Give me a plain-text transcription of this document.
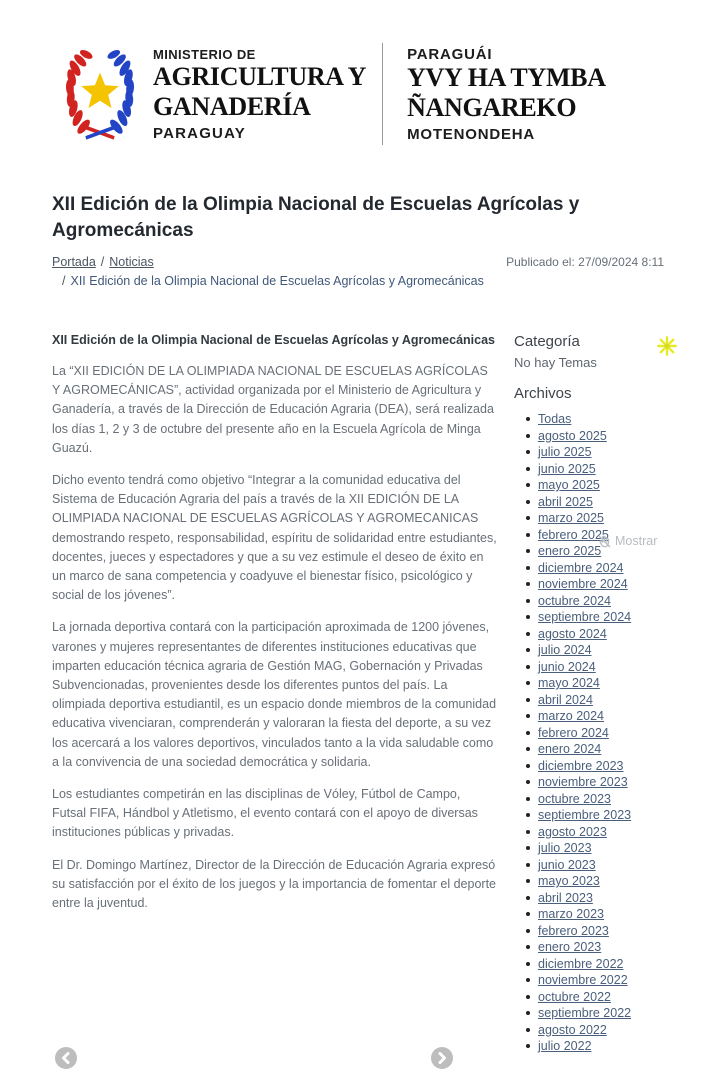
MINISTERIO DE
AGRICULTURA Y
GANADERÍA
PARAGUAY
PARAGUÁI
YVY HA TYMBA
ÑANGAREKO
MOTENONDEHA
XII Edición de la Olimpia Nacional de Escuelas Agrícolas y Agromecánicas
Portada / Noticias
/ XII Edición de la Olimpia Nacional de Escuelas Agrícolas y Agromecánicas
Publicado el: 27/09/2024 8:11
XII Edición de la Olimpia Nacional de Escuelas Agrícolas y Agromecánicas

La “XII EDICIÓN DE LA OLIMPIADA NACIONAL DE ESCUELAS AGRÍCOLAS Y AGROMECÁNICAS”, actividad organizada por el Ministerio de Agricultura y Ganadería, a través de la Dirección de Educación Agraria (DEA), será realizada los días 1, 2 y 3 de octubre del presente año en la Escuela Agrícola de Minga Guazú.

Dicho evento tendrá como objetivo “Integrar a la comunidad educativa del Sistema de Educación Agraria del país a través de la XII EDICIÓN DE LA OLIMPIADA NACIONAL DE ESCUELAS AGRÍCOLAS Y AGROMECANICAS demostrando respeto, responsabilidad, espíritu de solidaridad entre estudiantes, docentes, jueces y espectadores y que a su vez estimule el deseo de éxito en un marco de sana competencia y coadyuve el bienestar físico, psicológico y social de los jóvenes”.

La jornada deportiva contará con la participación aproximada de 1200 jóvenes, varones y mujeres representantes de diferentes instituciones educativas que imparten educación técnica agraria de Gestión MAG, Gobernación y Privadas Subvencionadas, provenientes desde los diferentes puntos del país. La olimpiada deportiva estudiantil, es un espacio donde miembros de la comunidad educativa vivenciaran, comprenderán y valoraran la fiesta del deporte, a su vez los acercará a los valores deportivos, vinculados tanto a la vida saludable como a la convivencia de una sociedad democrática y solidaria.

Los estudiantes competirán en las disciplinas de Vóley, Fútbol de Campo, Futsal FIFA, Hándbol y Atletismo, el evento contará con el apoyo de diversas instituciones públicas y privadas.

El Dr. Domingo Martínez, Director de la Dirección de Educación Agraria expresó su satisfacción por el éxito de los juegos y la importancia de fomentar el deporte entre la juventud.

Categoría
No hay Temas
Archivos
Todas
agosto 2025
julio 2025
junio 2025
mayo 2025
abril 2025
marzo 2025
febrero 2025
enero 2025
diciembre 2024
noviembre 2024
octubre 2024
septiembre 2024
agosto 2024
julio 2024
junio 2024
mayo 2024
abril 2024
marzo 2024
febrero 2024
enero 2024
diciembre 2023
noviembre 2023
octubre 2023
septiembre 2023
agosto 2023
julio 2023
junio 2023
mayo 2023
abril 2023
marzo 2023
febrero 2023
enero 2023
diciembre 2022
noviembre 2022
octubre 2022
septiembre 2022
agosto 2022
julio 2022
Mostrar
